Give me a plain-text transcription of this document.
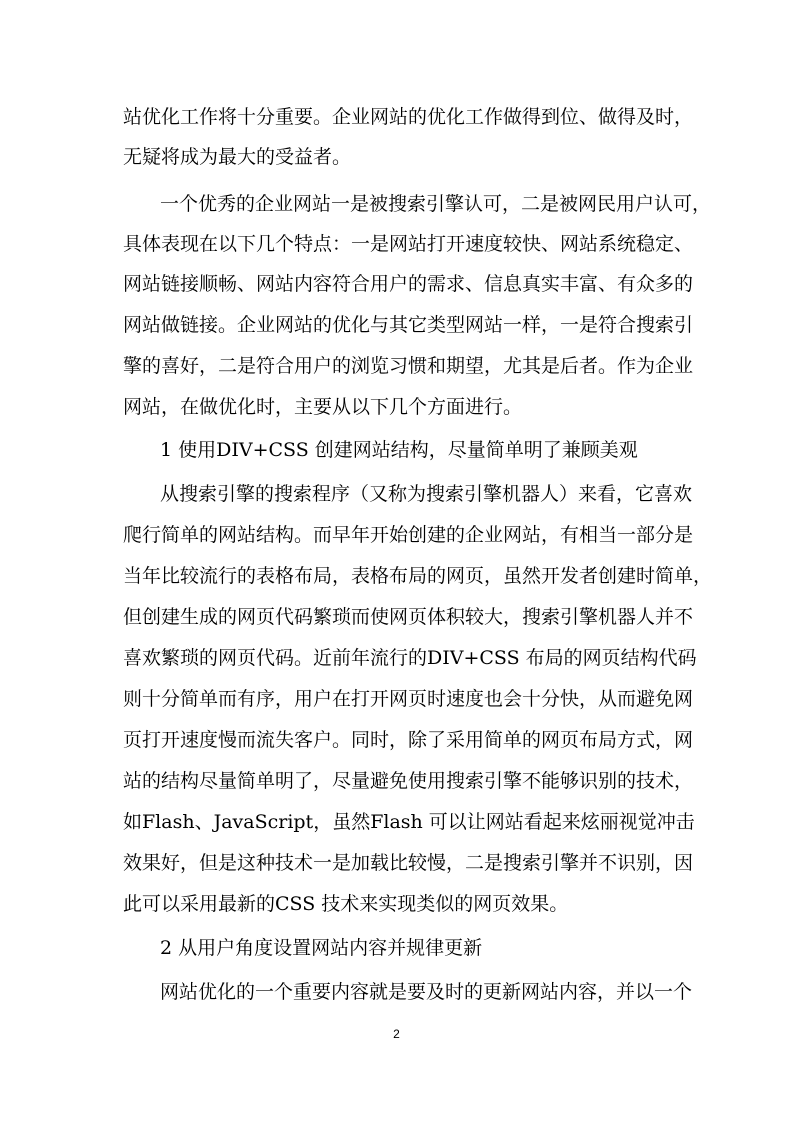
站优化工作将十分重要。企业网站的优化工作做得到位、做得及时，
无疑将成为最大的受益者。
一个优秀的企业网站一是被搜索引擎认可，二是被网民用户认可，
具体表现在以下几个特点：一是网站打开速度较快、网站系统稳定、
网站链接顺畅、网站内容符合用户的需求、信息真实丰富、有众多的
网站做链接。企业网站的优化与其它类型网站一样，一是符合搜索引
擎的喜好，二是符合用户的浏览习惯和期望，尤其是后者。作为企业
网站，在做优化时，主要从以下几个方面进行。
1 使用DIV+CSS 创建网站结构，尽量简单明了兼顾美观
从搜索引擎的搜索程序（又称为搜索引擎机器人）来看，它喜欢
爬行简单的网站结构。而早年开始创建的企业网站，有相当一部分是
当年比较流行的表格布局，表格布局的网页，虽然开发者创建时简单，
但创建生成的网页代码繁琐而使网页体积较大，搜索引擎机器人并不
喜欢繁琐的网页代码。近前年流行的DIV+CSS 布局的网页结构代码
则十分简单而有序，用户在打开网页时速度也会十分快，从而避免网
页打开速度慢而流失客户。同时，除了采用简单的网页布局方式，网
站的结构尽量简单明了，尽量避免使用搜索引擎不能够识别的技术，
如Flash、JavaScript，虽然Flash 可以让网站看起来炫丽视觉冲击
效果好，但是这种技术一是加载比较慢，二是搜索引擎并不识别，因
此可以采用最新的CSS 技术来实现类似的网页效果。
2 从用户角度设置网站内容并规律更新
网站优化的一个重要内容就是要及时的更新网站内容，并以一个
2
